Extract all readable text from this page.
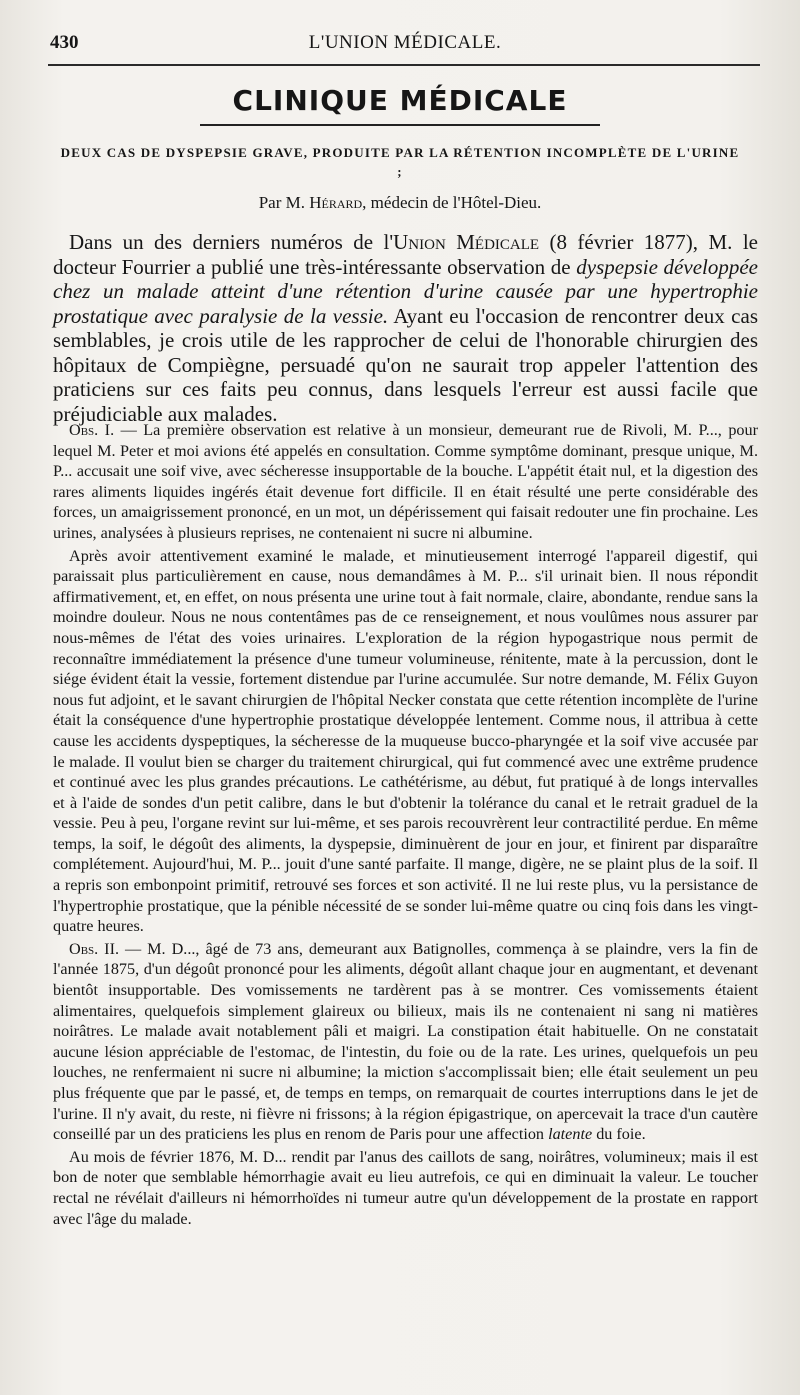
430	L'UNION MÉDICALE.
CLINIQUE MÉDICALE
DEUX CAS DE DYSPEPSIE GRAVE, PRODUITE PAR LA RÉTENTION INCOMPLÈTE DE L'URINE ;
Par M. Hérard, médecin de l'Hôtel-Dieu.

Dans un des derniers numéros de l'Union Médicale (8 février 1877), M. le docteur Fourrier a publié une très-intéressante observation de dyspepsie développée chez un malade atteint d'une rétention d'urine causée par une hypertrophie prostatique avec paralysie de la vessie. Ayant eu l'occasion de rencontrer deux cas semblables, je crois utile de les rapprocher de celui de l'honorable chirurgien des hôpitaux de Compiègne, persuadé qu'on ne saurait trop appeler l'attention des praticiens sur ces faits peu connus, dans lesquels l'erreur est aussi facile que préjudiciable aux malades.

Obs. I. — La première observation est relative à un monsieur, demeurant rue de Rivoli, M. P..., pour lequel M. Peter et moi avions été appelés en consultation. Comme symptôme dominant, presque unique, M. P... accusait une soif vive, avec sécheresse insupportable de la bouche. L'appétit était nul, et la digestion des rares aliments liquides ingérés était devenue fort difficile. Il en était résulté une perte considérable des forces, un amaigrissement prononcé, en un mot, un dépérissement qui faisait redouter une fin prochaine. Les urines, analysées à plusieurs reprises, ne contenaient ni sucre ni albumine.

Après avoir attentivement examiné le malade, et minutieusement interrogé l'appareil digestif, qui paraissait plus particulièrement en cause, nous demandâmes à M. P... s'il urinait bien. Il nous répondit affirmativement, et, en effet, on nous présenta une urine tout à fait normale, claire, abondante, rendue sans la moindre douleur. Nous ne nous contentâmes pas de ce renseignement, et nous voulûmes nous assurer par nous-mêmes de l'état des voies urinaires. L'exploration de la région hypogastrique nous permit de reconnaître immédiatement la présence d'une tumeur volumineuse, rénitente, mate à la percussion, dont le siége évident était la vessie, fortement distendue par l'urine accumulée. Sur notre demande, M. Félix Guyon nous fut adjoint, et le savant chirurgien de l'hôpital Necker constata que cette rétention incomplète de l'urine était la conséquence d'une hypertrophie prostatique développée lentement. Comme nous, il attribua à cette cause les accidents dyspeptiques, la sécheresse de la muqueuse bucco-pharyngée et la soif vive accusée par le malade. Il voulut bien se charger du traitement chirurgical, qui fut commencé avec une extrême prudence et continué avec les plus grandes précautions. Le cathétérisme, au début, fut pratiqué à de longs intervalles et à l'aide de sondes d'un petit calibre, dans le but d'obtenir la tolérance du canal et le retrait graduel de la vessie. Peu à peu, l'organe revint sur lui-même, et ses parois recouvrèrent leur contractilité perdue. En même temps, la soif, le dégoût des aliments, la dyspepsie, diminuèrent de jour en jour, et finirent par disparaître complétement. Aujourd'hui, M. P... jouit d'une santé parfaite. Il mange, digère, ne se plaint plus de la soif. Il a repris son embonpoint primitif, retrouvé ses forces et son activité. Il ne lui reste plus, vu la persistance de l'hypertrophie prostatique, que la pénible nécessité de se sonder lui-même quatre ou cinq fois dans les vingt-quatre heures.

Obs. II. — M. D..., âgé de 73 ans, demeurant aux Batignolles, commença à se plaindre, vers la fin de l'année 1875, d'un dégoût prononcé pour les aliments, dégoût allant chaque jour en augmentant, et devenant bientôt insupportable. Des vomissements ne tardèrent pas à se montrer. Ces vomissements étaient alimentaires, quelquefois simplement glaireux ou bilieux, mais ils ne contenaient ni sang ni matières noirâtres. Le malade avait notablement pâli et maigri. La constipation était habituelle. On ne constatait aucune lésion appréciable de l'estomac, de l'intestin, du foie ou de la rate. Les urines, quelquefois un peu louches, ne renfermaient ni sucre ni albumine; la miction s'accomplissait bien; elle était seulement un peu plus fréquente que par le passé, et, de temps en temps, on remarquait de courtes interruptions dans le jet de l'urine. Il n'y avait, du reste, ni fièvre ni frissons; à la région épigastrique, on apercevait la trace d'un cautère conseillé par un des praticiens les plus en renom de Paris pour une affection latente du foie.

Au mois de février 1876, M. D... rendit par l'anus des caillots de sang, noirâtres, volumineux; mais il est bon de noter que semblable hémorrhagie avait eu lieu autrefois, ce qui en diminuait la valeur. Le toucher rectal ne révélait d'ailleurs ni hémorrhoïdes ni tumeur autre qu'un développement de la prostate en rapport avec l'âge du malade.
